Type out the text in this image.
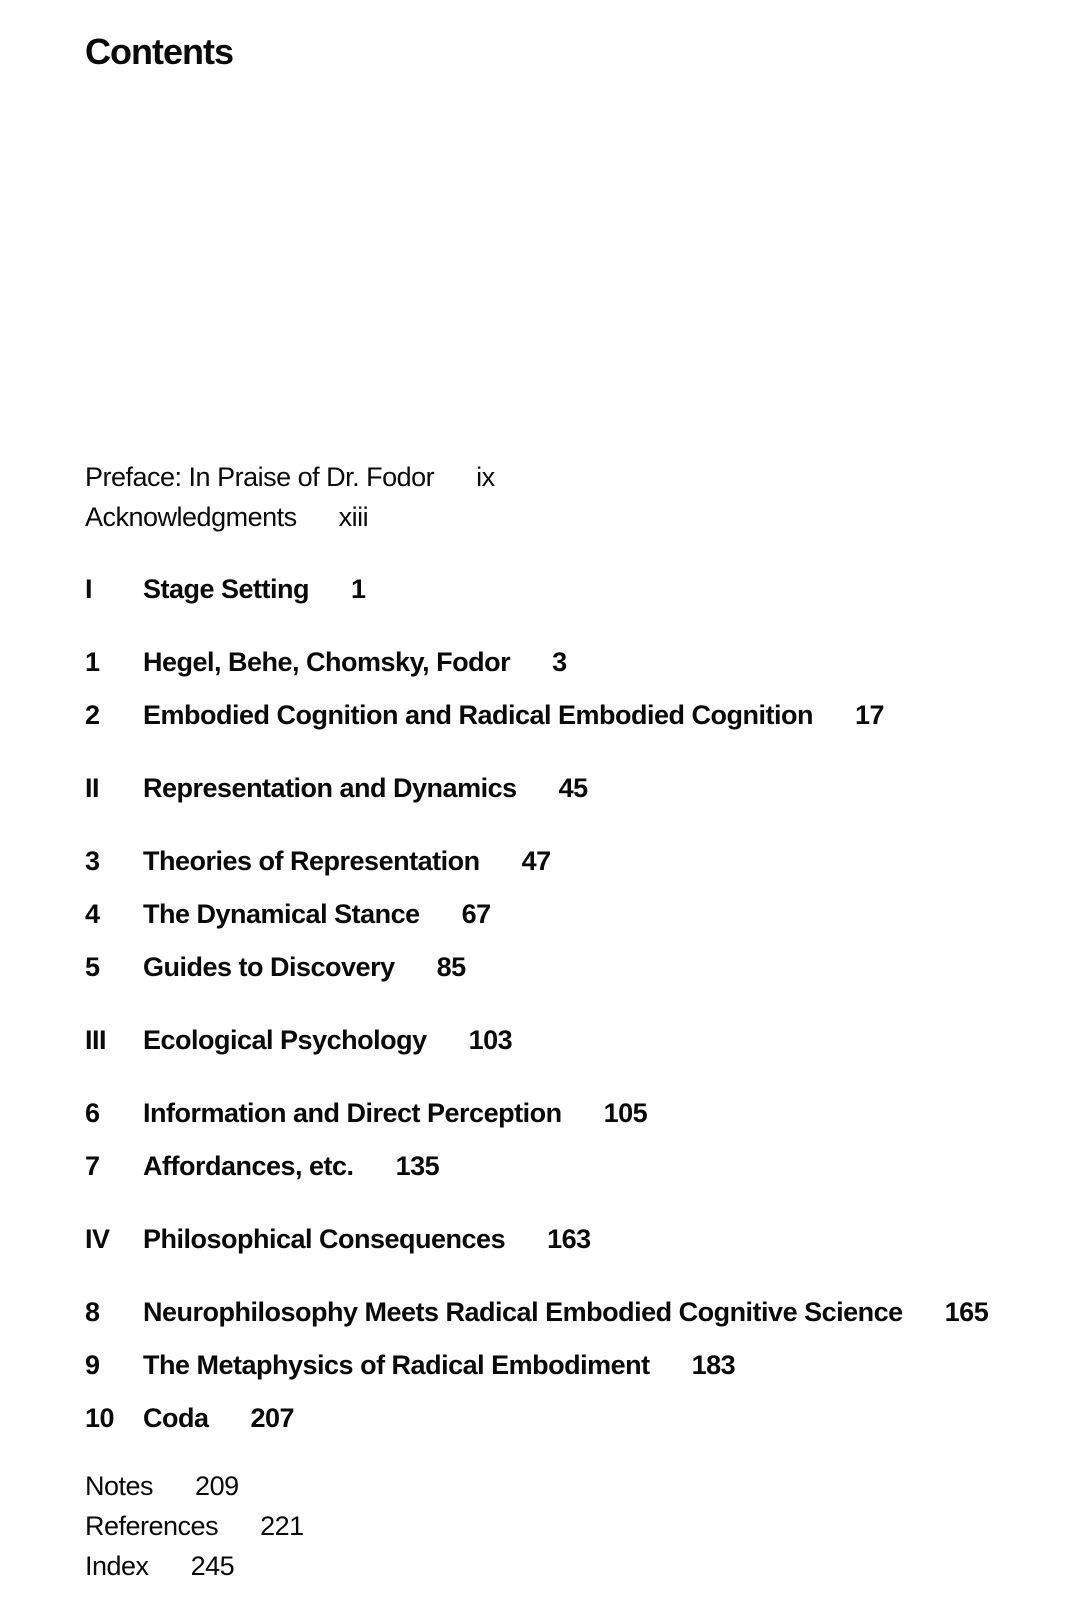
Contents
Preface: In Praise of Dr. Fodor ix
Acknowledgments xiii
I	Stage Setting 1
1	Hegel, Behe, Chomsky, Fodor 3
2	Embodied Cognition and Radical Embodied Cognition 17
II	Representation and Dynamics 45
3	Theories of Representation 47
4	The Dynamical Stance 67
5	Guides to Discovery 85
III	Ecological Psychology 103
6	Information and Direct Perception 105
7	Affordances, etc. 135
IV	Philosophical Consequences 163
8	Neurophilosophy Meets Radical Embodied Cognitive Science 165
9	The Metaphysics of Radical Embodiment 183
10	Coda 207
Notes 209
References 221
Index 245
